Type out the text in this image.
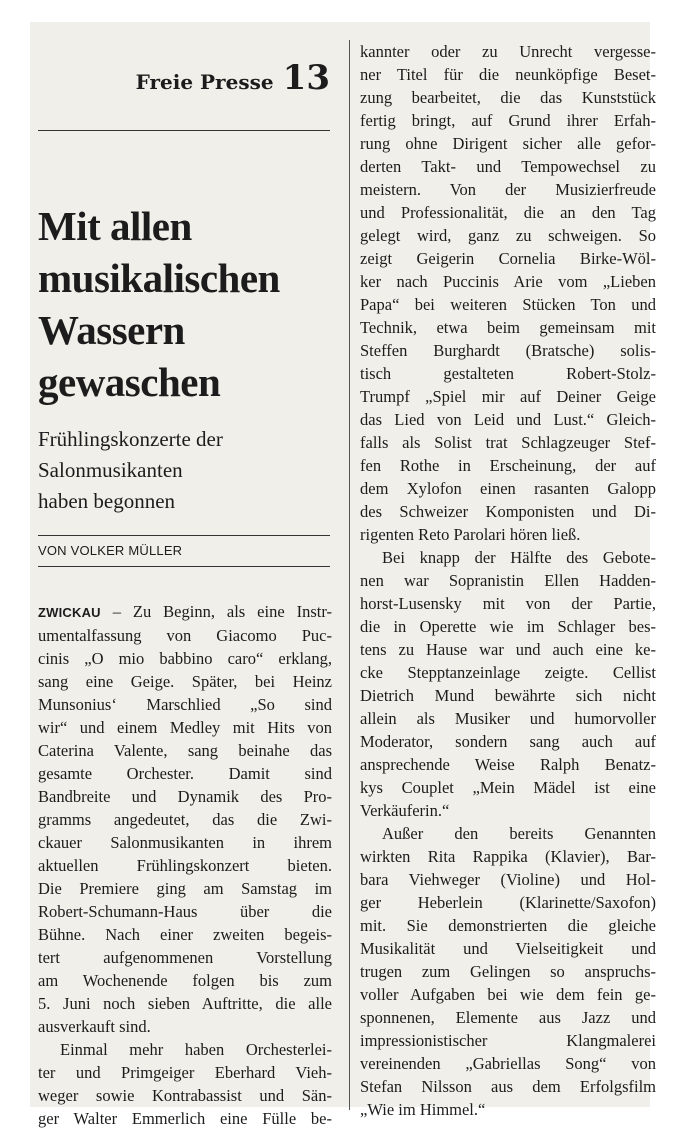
Freie Presse 13
Mit allen
musikalischen
Wassern
gewaschen
Frühlingskonzerte der
Salonmusikanten
haben begonnen
VON VOLKER MÜLLER

ZWICKAU – Zu Beginn, als eine Instr-
umentalfassung von Giacomo Puc-
cinis „O mio babbino caro“ erklang,
sang eine Geige. Später, bei Heinz
Munsonius‘ Marschlied „So sind
wir“ und einem Medley mit Hits von
Caterina Valente, sang beinahe das
gesamte Orchester. Damit sind
Bandbreite und Dynamik des Pro-
gramms angedeutet, das die Zwi-
ckauer Salonmusikanten in ihrem
aktuellen Frühlingskonzert bieten.
Die Premiere ging am Samstag im
Robert-Schumann-Haus über die
Bühne. Nach einer zweiten begeis-
tert aufgenommenen Vorstellung
am Wochenende folgen bis zum
5. Juni noch sieben Auftritte, die alle
ausverkauft sind.

Einmal mehr haben Orchesterlei-
ter und Primgeiger Eberhard Vieh-
weger sowie Kontrabassist und Sän-
ger Walter Emmerlich eine Fülle be-

kannter oder zu Unrecht vergesse-
ner Titel für die neunköpfige Beset-
zung bearbeitet, die das Kunststück
fertig bringt, auf Grund ihrer Erfah-
rung ohne Dirigent sicher alle gefor-
derten Takt- und Tempowechsel zu
meistern. Von der Musizierfreude
und Professionalität, die an den Tag
gelegt wird, ganz zu schweigen. So
zeigt Geigerin Cornelia Birke-Wöl-
ker nach Puccinis Arie vom „Lieben
Papa“ bei weiteren Stücken Ton und
Technik, etwa beim gemeinsam mit
Steffen Burghardt (Bratsche) solis-
tisch gestalteten Robert-Stolz-
Trumpf „Spiel mir auf Deiner Geige
das Lied von Leid und Lust.“ Gleich-
falls als Solist trat Schlagzeuger Stef-
fen Rothe in Erscheinung, der auf
dem Xylofon einen rasanten Galopp
des Schweizer Komponisten und Di-
rigenten Reto Parolari hören ließ.

Bei knapp der Hälfte des Gebote-
nen war Sopranistin Ellen Hadden-
horst-Lusensky mit von der Partie,
die in Operette wie im Schlager bes-
tens zu Hause war und auch eine ke-
cke Stepptanzeinlage zeigte. Cellist
Dietrich Mund bewährte sich nicht
allein als Musiker und humorvoller
Moderator, sondern sang auch auf
ansprechende Weise Ralph Benatz-
kys Couplet „Mein Mädel ist eine
Verkäuferin.“

Außer den bereits Genannten
wirkten Rita Rappika (Klavier), Bar-
bara Viehweger (Violine) und Hol-
ger Heberlein (Klarinette/Saxofon)
mit. Sie demonstrierten die gleiche
Musikalität und Vielseitigkeit und
trugen zum Gelingen so anspruchs-
voller Aufgaben bei wie dem fein ge-
sponnenen, Elemente aus Jazz und
impressionistischer Klangmalerei
vereinenden „Gabriellas Song“ von
Stefan Nilsson aus dem Erfolgsfilm
„Wie im Himmel.“
